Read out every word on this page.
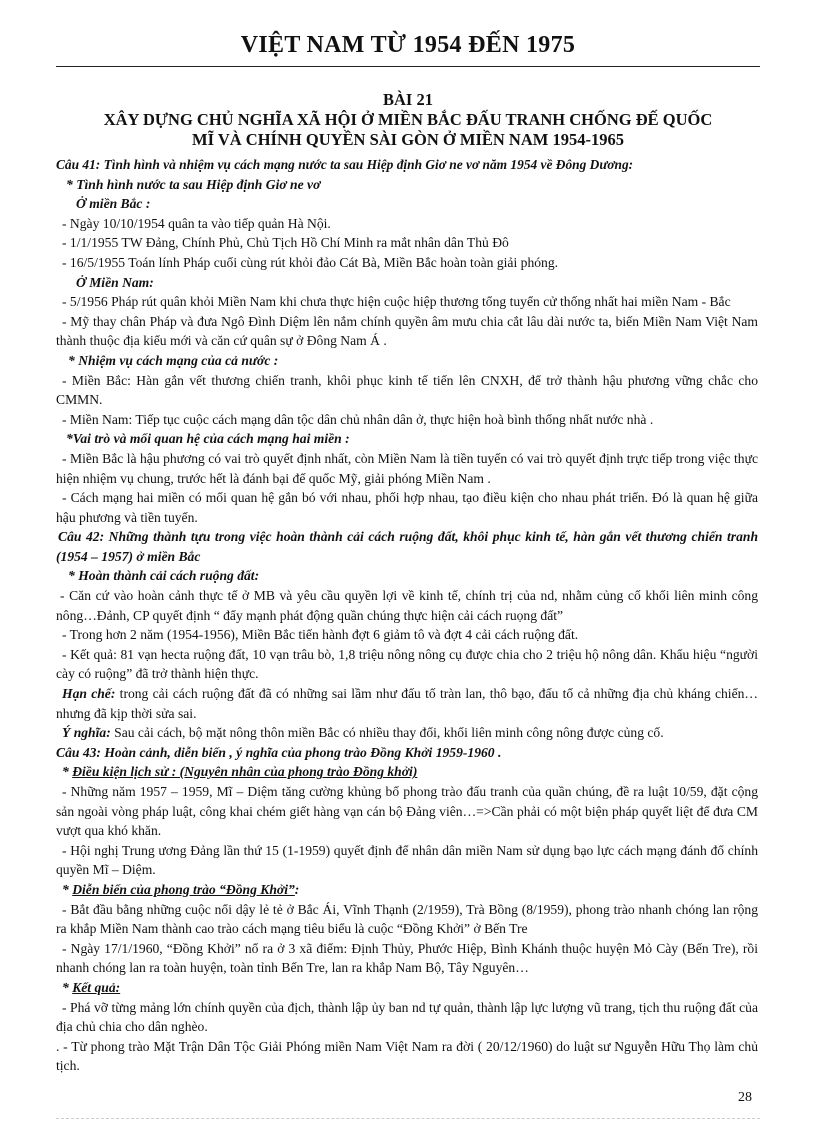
VIỆT NAM TỪ 1954 ĐẾN 1975
BÀI 21
XÂY DỰNG CHỦ NGHĨA XÃ HỘI Ở MIỀN BẮC ĐẤU TRANH CHỐNG ĐẾ QUỐC
MĨ VÀ CHÍNH QUYỀN SÀI GÒN Ở MIỀN NAM 1954-1965

Câu 41: Tình hình và nhiệm vụ cách mạng nước ta sau Hiệp định Giơ ne vơ năm 1954 về Đông Dương:

* Tình hình nước ta sau Hiệp định Giơ ne vơ

Ở miền Bắc :

- Ngày 10/10/1954 quân ta vào tiếp quản Hà Nội.

- 1/1/1955 TW Đảng, Chính Phủ, Chủ Tịch Hồ Chí Minh ra mắt nhân dân Thủ Đô

- 16/5/1955 Toán lính Pháp cuối cùng rút khỏi đảo Cát Bà, Miền Bắc hoàn toàn giải phóng.

Ở Miền Nam:

- 5/1956 Pháp rút quân khỏi Miền Nam khi chưa thực hiện cuộc hiệp thương tổng tuyển cử thống nhất hai miền Nam - Bắc

- Mỹ thay chân Pháp và đưa Ngô Đình Diệm lên nắm chính quyền âm mưu chia cắt lâu dài nước ta, biến Miền Nam Việt Nam thành thuộc địa kiểu mới và căn cứ quân sự ở Đông Nam Á .

* Nhiệm vụ cách mạng của cả nước :

- Miền Bắc: Hàn gắn vết thương chiến tranh, khôi phục kinh tế tiến lên CNXH, để trở thành hậu phương vững chắc cho CMMN.

- Miền Nam: Tiếp tục cuộc cách mạng dân tộc dân chủ nhân dân ở, thực hiện hoà bình thống nhất nước nhà .

*Vai trò và mối quan hệ của cách mạng hai miền :

- Miền Bắc là hậu phương có vai trò quyết định nhất, còn Miền Nam là tiền tuyến có vai trò quyết định trực tiếp trong việc thực hiện nhiệm vụ chung, trước hết là đánh bại đế quốc Mỹ, giải phóng Miền Nam .

- Cách mạng hai miền có mối quan hệ gắn bó với nhau, phối hợp nhau, tạo điều kiện cho nhau phát triển. Đó là quan hệ giữa hậu phương và tiền tuyến.

Câu 42: Những thành tựu trong việc hoàn thành cải cách ruộng đất, khôi phục kinh tế, hàn gắn vết thương chiến tranh (1954 – 1957) ở miền Bắc

* Hoàn thành cải cách ruộng đất:

- Căn cứ vào hoàn cảnh thực tế ở MB và yêu cầu quyền lợi về kinh tế, chính trị của nd, nhằm củng cố khối liên minh công nông…Đảnh, CP quyết định “ đẩy mạnh phát động quần chúng thực hiện cải cách ruọng đất”

- Trong hơn 2 năm (1954-1956), Miền Bắc tiến hành đợt 6 giảm tô và đợt 4 cải cách ruộng đất.

- Kết quả: 81 vạn hecta ruộng đất, 10 vạn trâu bò, 1,8 triệu nông nông cụ được chia cho 2 triệu hộ nông dân. Khẩu hiệu “người cày có ruộng” đã trở thành hiện thực.

Hạn chế: trong cải cách ruộng đất đã có những sai lầm như đấu tố tràn lan, thô bạo, đấu tố cả những địa chủ kháng chiến… nhưng đã kịp thời sửa sai.

Ý nghĩa: Sau cải cách, bộ mặt nông thôn miền Bắc có nhiều thay đổi, khối liên minh công nông được củng cố.

Câu 43: Hoàn cảnh, diễn biến , ý nghĩa của phong trào Đồng Khởi 1959-1960 .

* Điều kiện lịch sử : (Nguyên nhân của phong trào Đồng khởi)

- Những năm 1957 – 1959, Mĩ – Diệm tăng cường khủng bố phong trào đấu tranh của quần chúng, đề ra luật 10/59, đặt cộng sản ngoài vòng pháp luật, công khai chém giết hàng vạn cán bộ Đảng viên…=>Cần phải có một biện pháp quyết liệt để đưa CM vượt qua khó khăn.

- Hội nghị Trung ương Đảng lần thứ 15 (1-1959) quyết định để nhân dân miền Nam sử dụng bạo lực cách mạng đánh đổ chính quyền Mĩ – Diệm.

* Diễn biến của phong trào “Đồng Khởi”:

- Bắt đầu bằng những cuộc nổi dậy lẻ tẻ ở Bắc Ái, Vĩnh Thạnh (2/1959), Trà Bồng (8/1959), phong trào nhanh chóng lan rộng ra khắp Miền Nam thành cao trào cách mạng tiêu biểu là cuộc “Đồng Khởi” ở Bến Tre

- Ngày 17/1/1960, “Đồng Khởi” nổ ra ở 3 xã điểm: Định Thủy, Phước Hiệp, Bình Khánh thuộc huyện Mỏ Cày (Bến Tre), rồi nhanh chóng lan ra toàn huyện, toàn tỉnh Bến Tre, lan ra khắp Nam Bộ, Tây Nguyên…

* Kết quả:

- Phá vỡ từng mảng lớn chính quyền của địch, thành lập ủy ban nd tự quản, thành lập lực lượng vũ trang, tịch thu ruộng đất của địa chủ chia cho dân nghèo.

. - Từ phong trào Mặt Trận Dân Tộc Giải Phóng miền Nam Việt Nam ra đời ( 20/12/1960) do luật sư Nguyễn Hữu Thọ làm chủ tịch.

28
